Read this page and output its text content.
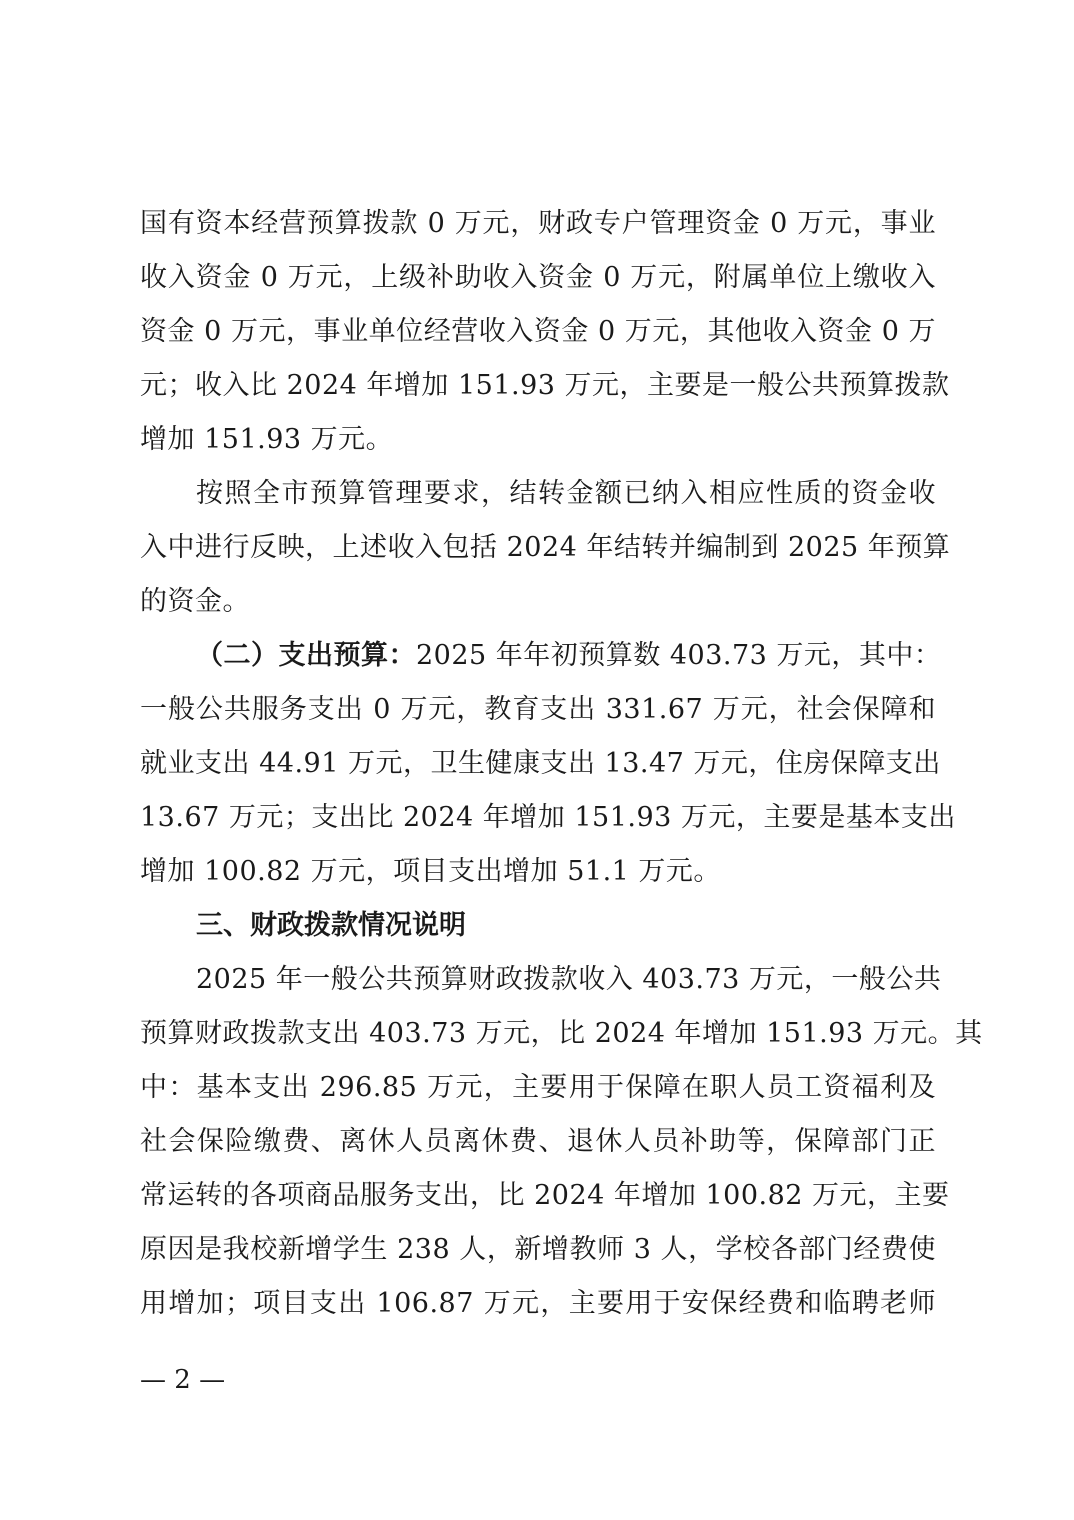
国有资本经营预算拨款 0 万元，财政专户管理资金 0 万元，事业
收入资金 0 万元，上级补助收入资金 0 万元，附属单位上缴收入
资金 0 万元，事业单位经营收入资金 0 万元，其他收入资金 0 万
元；收入比 2024 年增加 151.93 万元，主要是一般公共预算拨款
增加 151.93 万元。
按照全市预算管理要求，结转金额已纳入相应性质的资金收
入中进行反映，上述收入包括 2024 年结转并编制到 2025 年预算
的资金。
（二）支出预算：2025 年年初预算数 403.73 万元，其中：
一般公共服务支出 0 万元，教育支出 331.67 万元，社会保障和
就业支出 44.91 万元，卫生健康支出 13.47 万元，住房保障支出
13.67 万元；支出比 2024 年增加 151.93 万元，主要是基本支出
增加 100.82 万元，项目支出增加 51.1 万元。
三、财政拨款情况说明
2025 年一般公共预算财政拨款收入 403.73 万元，一般公共
预算财政拨款支出 403.73 万元，比 2024 年增加 151.93 万元。其
中：基本支出 296.85 万元，主要用于保障在职人员工资福利及
社会保险缴费、离休人员离休费、退休人员补助等，保障部门正
常运转的各项商品服务支出，比 2024 年增加 100.82 万元，主要
原因是我校新增学生 238 人，新增教师 3 人，学校各部门经费使
用增加；项目支出 106.87 万元，主要用于安保经费和临聘老师
— 2 —
